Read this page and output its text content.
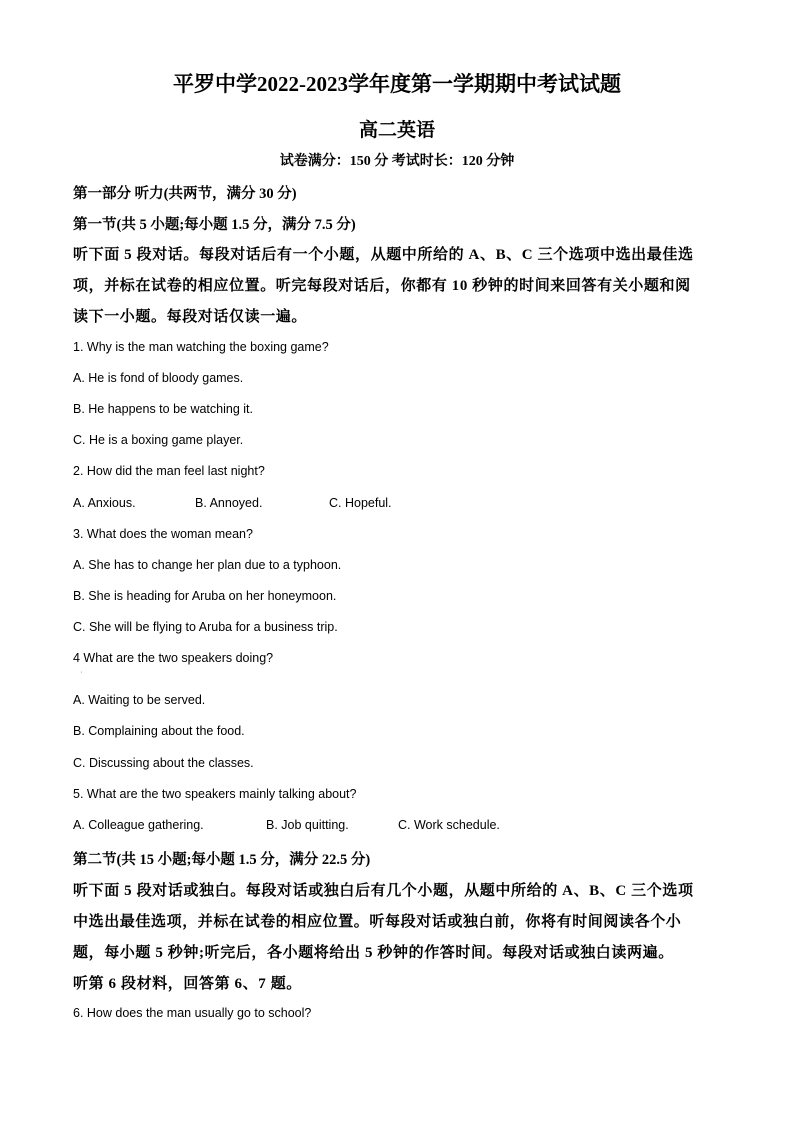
平罗中学2022-2023学年度第一学期期中考试试题
高二英语
试卷满分：150 分 考试时长：120 分钟
第一部分 听力(共两节，满分 30 分)
第一节(共 5 小题;每小题 1.5 分，满分 7.5 分)
听下面 5 段对话。每段对话后有一个小题，从题中所给的 A、B、C 三个选项中选出最佳选
项，并标在试卷的相应位置。听完每段对话后，你都有 10 秒钟的时间来回答有关小题和阅
读下一小题。每段对话仅读一遍。
1. Why is the man watching the boxing game?
A. He is fond of bloody games.
B. He happens to be watching it.
C. He is a boxing game player.
2. How did the man feel last night?
A. Anxious.	B. Annoyed.	C. Hopeful.
3. What does the woman mean?
A. She has to change her plan due to a typhoon.
B. She is heading for Aruba on her honeymoon.
C. She will be flying to Aruba for a business trip.
4 What are the two speakers doing?
˙
A. Waiting to be served.
B. Complaining about the food.
C. Discussing about the classes.
5. What are the two speakers mainly talking about?
A. Colleague gathering.	B. Job quitting.	C. Work schedule.
第二节(共 15 小题;每小题 1.5 分，满分 22.5 分)
听下面 5 段对话或独白。每段对话或独白后有几个小题，从题中所给的 A、B、C 三个选项
中选出最佳选项，并标在试卷的相应位置。听每段对话或独白前，你将有时间阅读各个小
题，每小题 5 秒钟;听完后，各小题将给出 5 秒钟的作答时间。每段对话或独白读两遍。
听第 6 段材料，回答第 6、7 题。
6. How does the man usually go to school?
